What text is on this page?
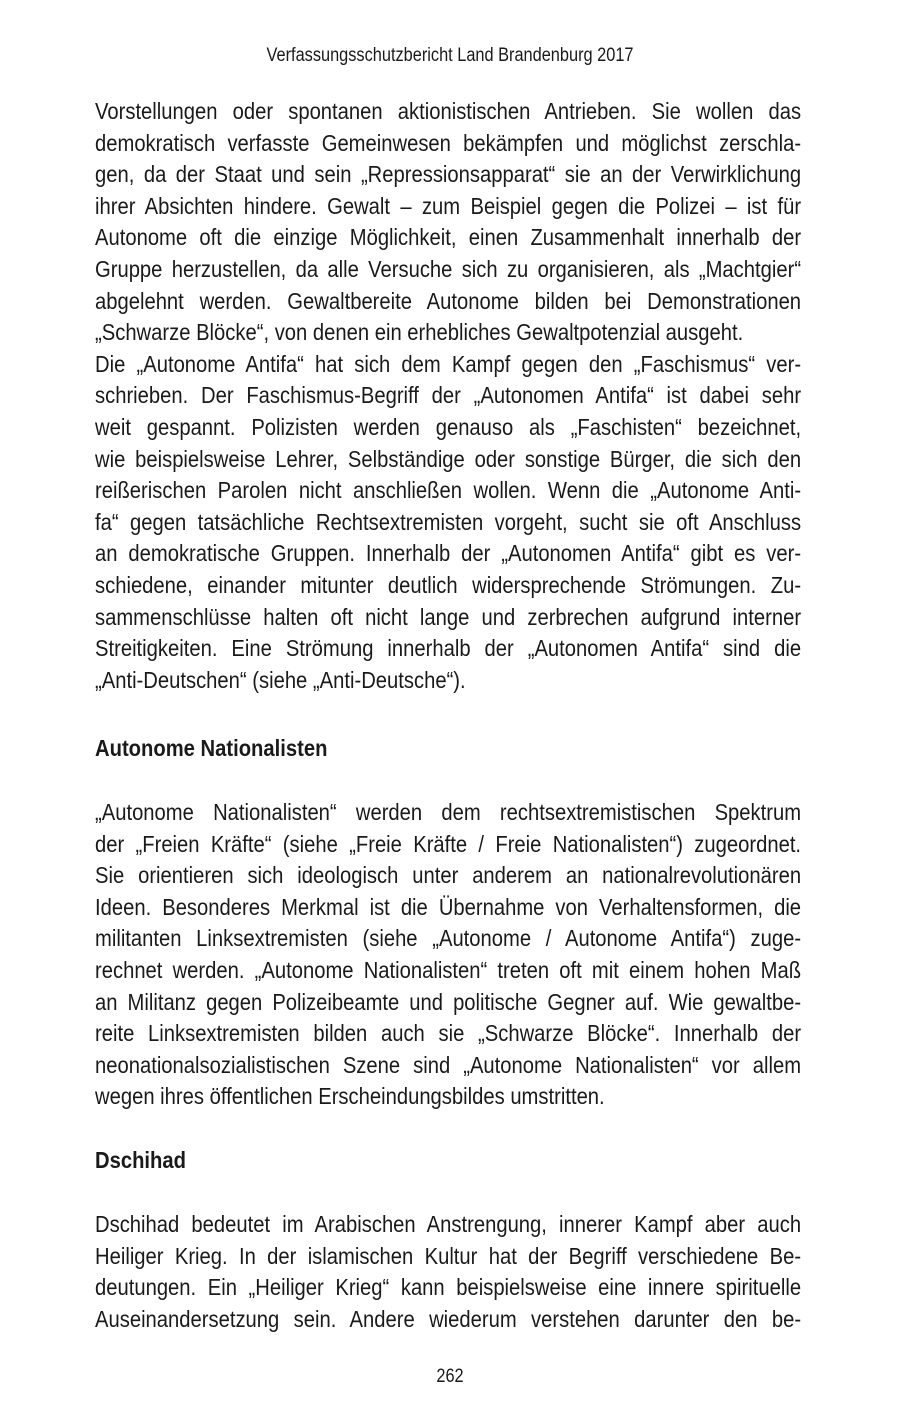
Verfassungsschutzbericht Land Brandenburg 2017
Vorstellungen oder spontanen aktionistischen Antrieben. Sie wollen das
demokratisch verfasste Gemeinwesen bekämpfen und möglichst zerschla-
gen, da der Staat und sein „Repressionsapparat“ sie an der Verwirklichung
ihrer Absichten hindere. Gewalt – zum Beispiel gegen die Polizei – ist für
Autonome oft die einzige Möglichkeit, einen Zusammenhalt innerhalb der
Gruppe herzustellen, da alle Versuche sich zu organisieren, als „Machtgier“
abgelehnt werden. Gewaltbereite Autonome bilden bei Demonstrationen
„Schwarze Blöcke“, von denen ein erhebliches Gewaltpotenzial ausgeht.
Die „Autonome Antifa“ hat sich dem Kampf gegen den „Faschismus“ ver-
schrieben. Der Faschismus-Begriff der „Autonomen Antifa“ ist dabei sehr
weit gespannt. Polizisten werden genauso als „Faschisten“ bezeichnet,
wie beispielsweise Lehrer, Selbständige oder sonstige Bürger, die sich den
reißerischen Parolen nicht anschließen wollen. Wenn die „Autonome Anti-
fa“ gegen tatsächliche Rechtsextremisten vorgeht, sucht sie oft Anschluss
an demokratische Gruppen. Innerhalb der „Autonomen Antifa“ gibt es ver-
schiedene, einander mitunter deutlich widersprechende Strömungen. Zu-
sammenschlüsse halten oft nicht lange und zerbrechen aufgrund interner
Streitigkeiten. Eine Strömung innerhalb der „Autonomen Antifa“ sind die
„Anti-Deutschen“ (siehe „Anti-Deutsche“).
Autonome Nationalisten
„Autonome Nationalisten“ werden dem rechtsextremistischen Spektrum
der „Freien Kräfte“ (siehe „Freie Kräfte / Freie Nationalisten“) zugeordnet.
Sie orientieren sich ideologisch unter anderem an nationalrevolutionären
Ideen. Besonderes Merkmal ist die Übernahme von Verhaltensformen, die
militanten Linksextremisten (siehe „Autonome / Autonome Antifa“) zuge-
rechnet werden. „Autonome Nationalisten“ treten oft mit einem hohen Maß
an Militanz gegen Polizeibeamte und politische Gegner auf. Wie gewaltbe-
reite Linksextremisten bilden auch sie „Schwarze Blöcke“. Innerhalb der
neonationalsozialistischen Szene sind „Autonome Nationalisten“ vor allem
wegen ihres öffentlichen Erscheindungsbildes umstritten.
Dschihad
Dschihad bedeutet im Arabischen Anstrengung, innerer Kampf aber auch
Heiliger Krieg. In der islamischen Kultur hat der Begriff verschiedene Be-
deutungen. Ein „Heiliger Krieg“ kann beispielsweise eine innere spirituelle
Auseinandersetzung sein. Andere wiederum verstehen darunter den be-
262
